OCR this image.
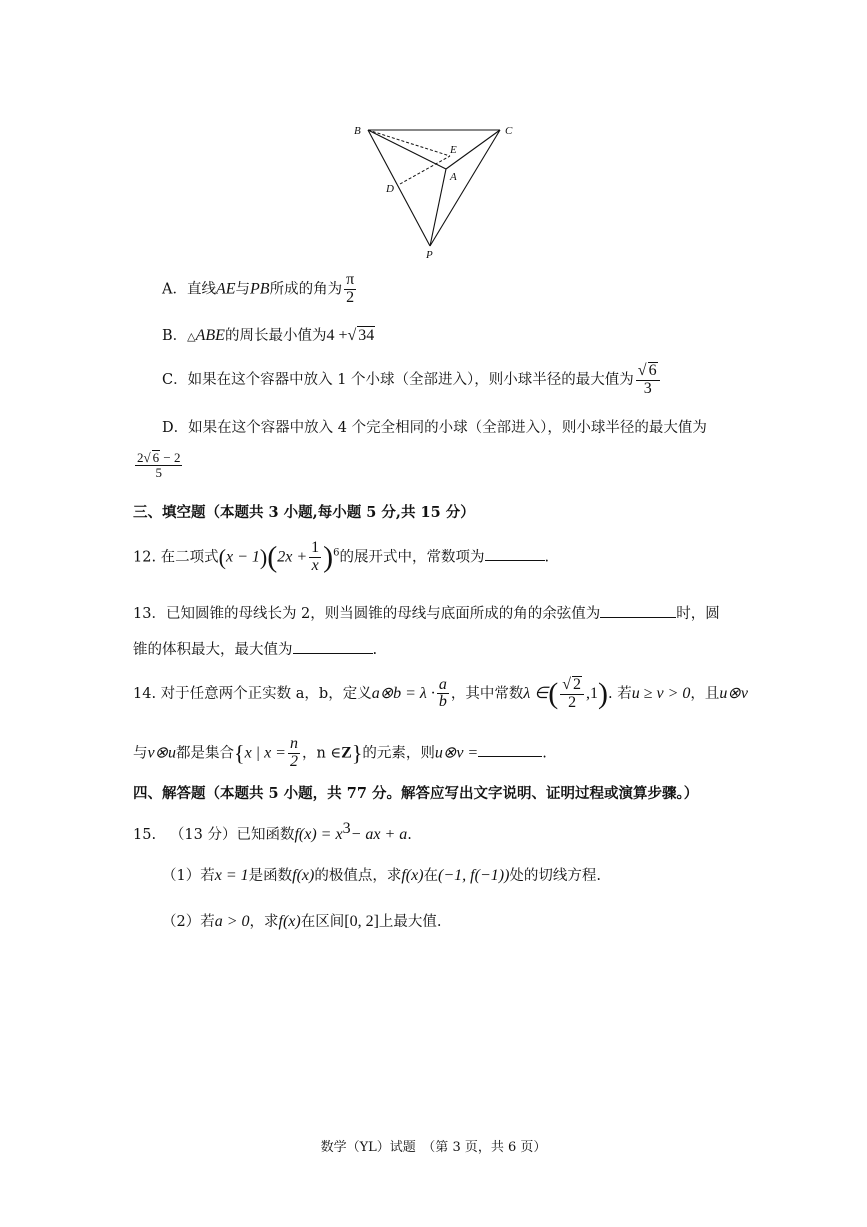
B	C
E
A
D
P
A．直线AE与PB所成的角为 $\frac{\pi}{2}$
B．△ABE的周长最小值为4 +√ 34
C．如果在这个容器中放入 1 个小球（全部进入），则小球半径的最大值为 $\frac{√ 6}{3}$
D．如果在这个容器中放入 4 个完全相同的小球（全部进入），则小球半径的最大值为
$\frac{2√ 6 - 2}{5}$
三、填空题（本题共 3 小题,每小题 5 分,共 15 分）
12. 在二项式$(x - 1)(2x + \frac{1}{x} )^6$的展开式中，常数项为	.
13．已知圆锥的母线长为 2，则当圆锥的母线与底面所成的角的余弦值为	时，圆
锥的体积最大，最大值为	.
14. 对于任意两个正实数 a，b，定义a⊗b = $\lambda \cdot \frac{a}{b}$ ，其中常数λ ∈( $\frac{√ 2}{2} ,1$). 若u ≥ v > 0，且u⊗v
与v⊗u都是集合{x | $x = \frac{n}{2}$ ，n ∈Z}的元素，则u⊗v =	.
四、解答题（本题共 5 小题，共 77 分。解答应写出文字说明、证明过程或演算步骤。）
15. （13 分）已知函数$f(x) = x^3-$ ax + a.
（1）若x = 1是函数f(x)的极值点，求f(x)在(−1, f(−1))处的切线方程.
（2）若a > 0，求f(x)在区间[0, 2]上最大值.
数学（YL）试题　（第 3 页，共 6 页）
